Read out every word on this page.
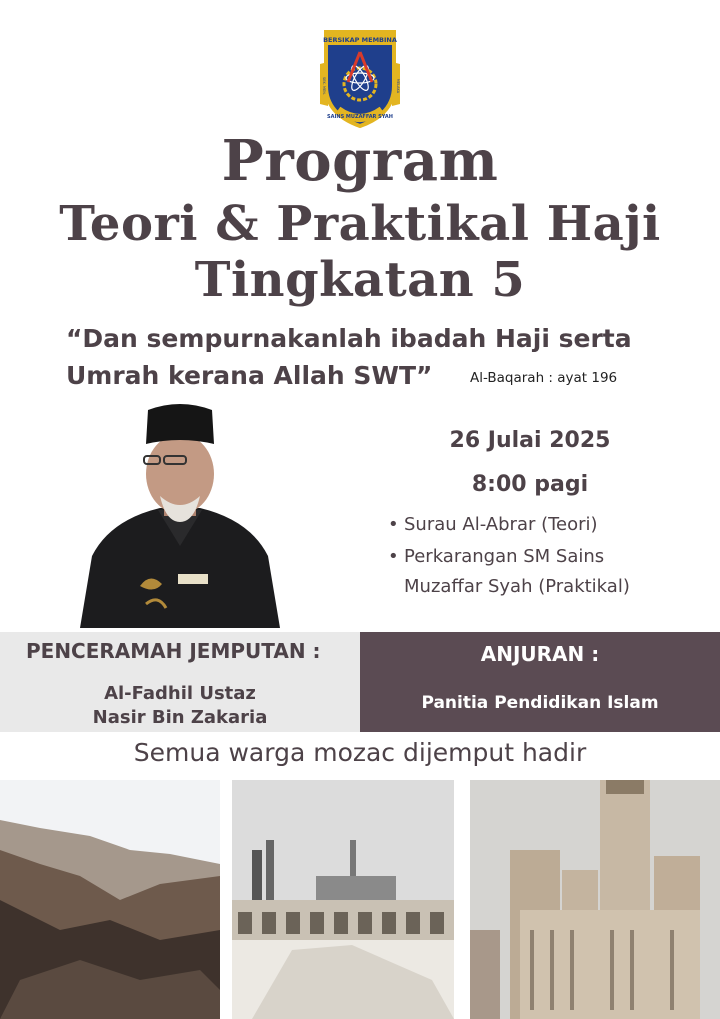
BERSIKAP MEMBINA
SAINS MUZAFFAR SYAH
SEK. MEN.	MELAKA
Program
Teori & Praktikal Haji
Tingkatan 5
“Dan sempurnakanlah ibadah Haji serta
Umrah kerana Allah SWT”	Al-Baqarah : ayat 196
26 Julai 2025
8:00 pagi
• Surau Al-Abrar (Teori)
• Perkarangan SM Sains
Muzaffar Syah (Praktikal)
PENCERAMAH JEMPUTAN :	ANJURAN :
Al-Fadhil Ustaz
Nasir Bin Zakaria
Panitia Pendidikan Islam
Semua warga mozac dijemput hadir
